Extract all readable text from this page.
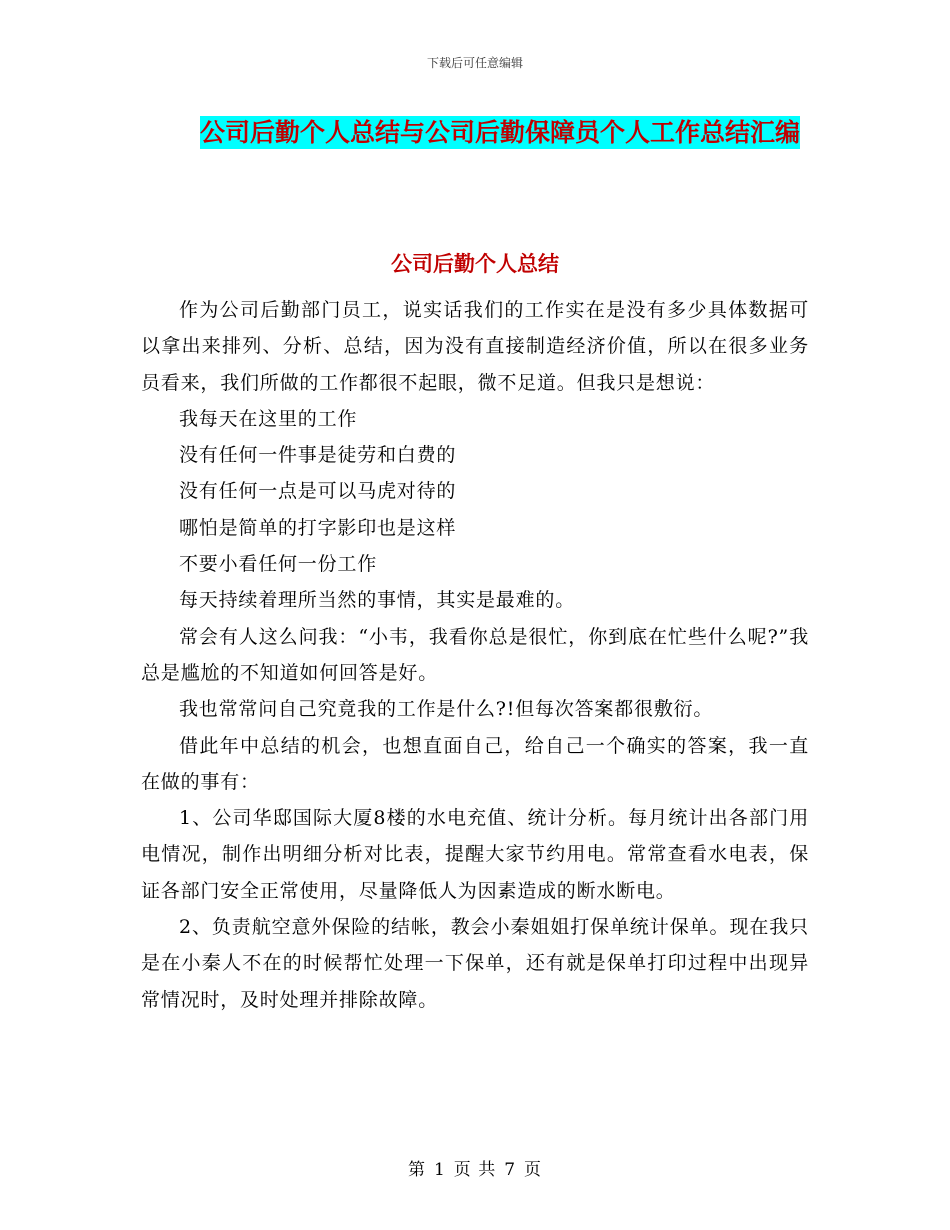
下载后可任意编辑
公司后勤个人总结与公司后勤保障员个人工作总结汇编
公司后勤个人总结

作为公司后勤部门员工，说实话我们的工作实在是没有多少具体数据可以拿出来排列、分析、总结，因为没有直接制造经济价值，所以在很多业务员看来，我们所做的工作都很不起眼，微不足道。但我只是想说：

我每天在这里的工作

没有任何一件事是徒劳和白费的

没有任何一点是可以马虎对待的

哪怕是简单的打字影印也是这样

不要小看任何一份工作

每天持续着理所当然的事情，其实是最难的。

常会有人这么问我：“小韦，我看你总是很忙，你到底在忙些什么呢?”我总是尴尬的不知道如何回答是好。

我也常常问自己究竟我的工作是什么?!但每次答案都很敷衍。

借此年中总结的机会，也想直面自己，给自己一个确实的答案，我一直在做的事有：

1、公司华邸国际大厦8楼的水电充值、统计分析。每月统计出各部门用电情况，制作出明细分析对比表，提醒大家节约用电。常常查看水电表，保证各部门安全正常使用，尽量降低人为因素造成的断水断电。

2、负责航空意外保险的结帐，教会小秦姐姐打保单统计保单。现在我只是在小秦人不在的时候帮忙处理一下保单，还有就是保单打印过程中出现异常情况时，及时处理并排除故障。

第 1 页 共 7 页
